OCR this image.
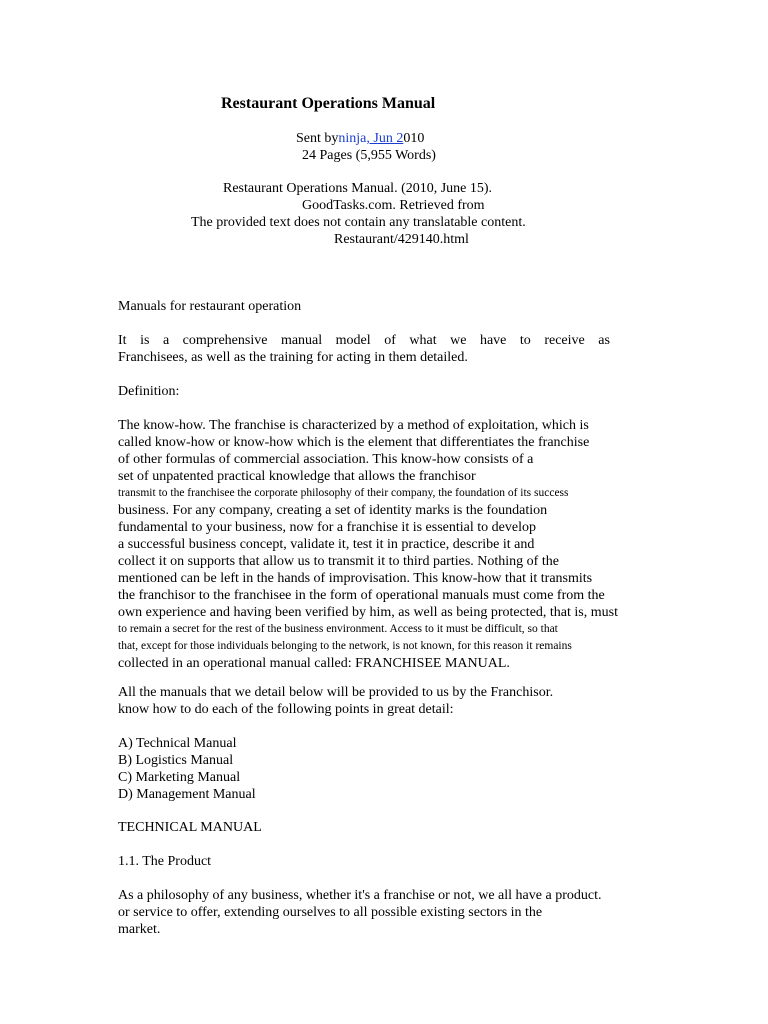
Restaurant Operations Manual

Sent byninja, Jun 2010

24 Pages (5,955 Words)

Restaurant Operations Manual. (2010, June 15).

GoodTasks.com. Retrieved from

The provided text does not contain any translatable content.

Restaurant/429140.html

Manuals for restaurant operation

It is a comprehensive manual model of what we have to receive as

Franchisees, as well as the training for acting in them detailed.

Definition:

The know-how. The franchise is characterized by a method of exploitation, which is

called know-how or know-how which is the element that differentiates the franchise

of other formulas of commercial association. This know-how consists of a

set of unpatented practical knowledge that allows the franchisor

transmit to the franchisee the corporate philosophy of their company, the foundation of its success

business. For any company, creating a set of identity marks is the foundation

fundamental to your business, now for a franchise it is essential to develop

a successful business concept, validate it, test it in practice, describe it and

collect it on supports that allow us to transmit it to third parties. Nothing of the

mentioned can be left in the hands of improvisation. This know-how that it transmits

the franchisor to the franchisee in the form of operational manuals must come from the

own experience and having been verified by him, as well as being protected, that is, must

to remain a secret for the rest of the business environment. Access to it must be difficult, so that

that, except for those individuals belonging to the network, is not known, for this reason it remains

collected in an operational manual called: FRANCHISEE MANUAL.

All the manuals that we detail below will be provided to us by the Franchisor.

know how to do each of the following points in great detail:

A) Technical Manual

B) Logistics Manual

C) Marketing Manual

D) Management Manual

TECHNICAL MANUAL

1.1. The Product

As a philosophy of any business, whether it's a franchise or not, we all have a product.

or service to offer, extending ourselves to all possible existing sectors in the

market.
